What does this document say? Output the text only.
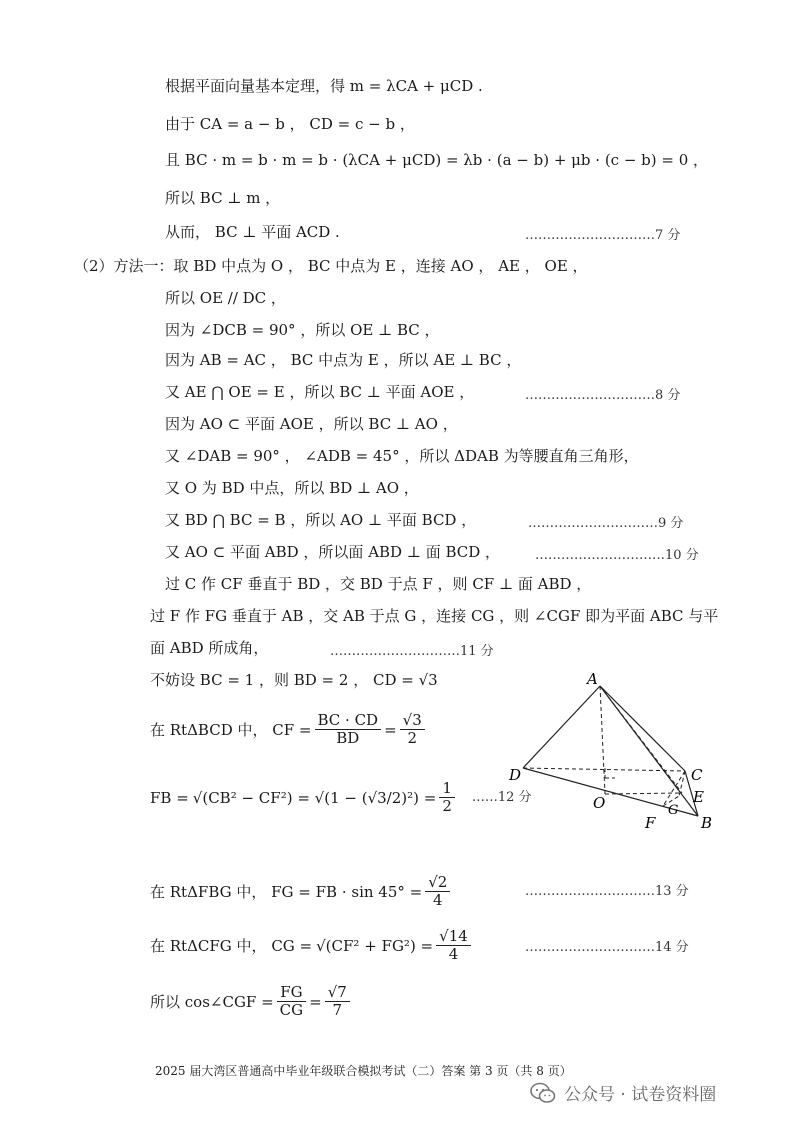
根据平面向量基本定理，得 m = λCA + μCD .
由于 CA = a − b ， CD = c − b ，
且 BC · m = b · m = b · (λCA + μCD) = λb · (a − b) + μb · (c − b) = 0 ，
所以 BC ⊥ m ，
从而， BC ⊥ 平面 ACD .	…………………………7 分
（2）方法一：取 BD 中点为 O ， BC 中点为 E ，连接 AO ， AE ， OE ，
所以 OE // DC ，
因为 ∠DCB = 90° ，所以 OE ⊥ BC ，
因为 AB = AC ， BC 中点为 E ，所以 AE ⊥ BC ，
又 AE ⋂ OE = E ，所以 BC ⊥ 平面 AOE ，	…………………………8 分
因为 AO ⊂ 平面 AOE ，所以 BC ⊥ AO ，
又 ∠DAB = 90° ， ∠ADB = 45° ，所以 ΔDAB 为等腰直角三角形，
又 O 为 BD 中点，所以 BD ⊥ AO ，
又 BD ⋂ BC = B ，所以 AO ⊥ 平面 BCD ，	…………………………9 分
又 AO ⊂ 平面 ABD ，所以面 ABD ⊥ 面 BCD ，	…………………………10 分
过 C 作 CF 垂直于 BD ，交 BD 于点 F ，则 CF ⊥ 面 ABD ，
过 F 作 FG 垂直于 AB ，交 AB 于点 G ，连接 CG ，则 ∠CGF 即为平面 ABC 与平
面 ABD 所成角，	…………………………11 分
不妨设 BC = 1 ，则 BD = 2 ， CD = √3
在 RtΔBCD 中， CF = $\frac{BC \cdot CD}{BD} = \frac{√3}{2}$
FB = $√(CB^2 - CF^2) = √(1 - (√3/2)^2) = \frac{1}{2}$ ……12 分
在 RtΔFBG 中， FG = FB · $\sin 45^\circ = \frac{√2}{4}$	…………………………13 分
在 RtΔCFG 中， CG = $√(CF^2 + FG^2) = \frac{√14}{4}$	…………………………14 分
所以 cos∠CGF = $\frac{FG}{CG} = \frac{√7}{7}$
A
C
D
E
O	G
F	B
2025 届大湾区普通高中毕业年级联合模拟考试（二）答案 第 3 页（共 8 页）
公众号 · 试卷资料圈
